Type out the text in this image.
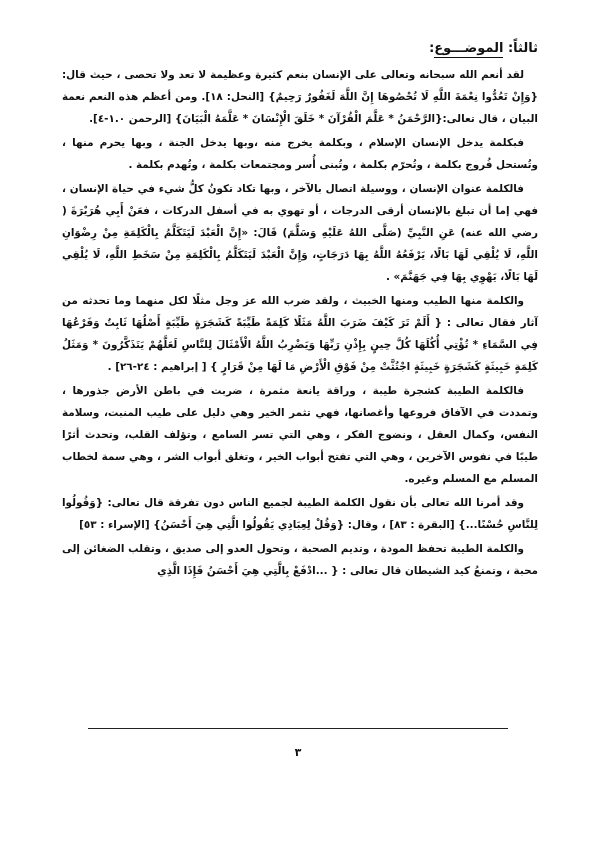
ثالثاً: الموضـــوع:

لقد أنعم الله سبحانه وتعالى على الإنسان بنعم كثيرة وعظيمة لا تعد ولا تحصى ، حيث قال:{وَإِنْ تَعُدُّوا نِعْمَةَ اللَّهِ لَا تُحْصُوهَا إِنَّ اللَّهَ لَغَفُورٌ رَحِيمٌ} [النحل: ١٨]. ومن أعظم هذه النعم نعمة البيان ، قال تعالى:{الرَّحْمَنُ * عَلَّمَ الْقُرْآنَ * خَلَقَ الْإِنْسَانَ * عَلَّمَهُ الْبَيَانَ} [الرحمن ١.٠-٤].

فبكلمة يدخل الإنسان الإسلام ، وبكلمة يخرج منه ،وبها يدخل الجنة ، وبها يحرم منها ، وتُستحل فُروج بكلمة ، وتُحرّم بكلمة ، وتُبنى أُسر ومجتمعات بكلمة ، وتُهدم بكلمة .

فالكلمة عنوان الإنسان ، ووسيلة اتصال بالآخر ، وبها تكاد تكونُ كلُّ شيء في حياة الإنسان ، فهي إما أن تبلغ بالإنسان أرقى الدرجات ، أو تهوي به في أسفل الدركات ، فعَنْ أَبِي هُرَيْرَةَ ( رضي الله عنه) عَنِ النَّبِيِّ (صَلَّى اللهُ عَلَيْهِ وَسَلَّمَ) قَالَ: «إِنَّ الْعَبْدَ لَيَتَكَلَّمُ بِالْكَلِمَةِ مِنْ رِضْوَانِ اللَّهِ، لَا يُلْقِي لَهَا بَالًا، يَرْفَعُهُ اللَّهُ بِهَا دَرَجَاتٍ، وَإِنَّ الْعَبْدَ لَيَتَكَلَّمُ بِالْكَلِمَةِ مِنْ سَخَطِ اللَّهِ، لَا يُلْقِي لَهَا بَالًا، يَهْوِي بِهَا فِي جَهَنَّمَ» .

والكلمة منها الطيب ومنها الخبيث ، ولقد ضرب الله عز وجل مثلًا لكل منهما وما تحدثه من آثار فقال تعالى : { أَلَمْ تَرَ كَيْفَ ضَرَبَ اللَّهُ مَثَلًا كَلِمَةً طَيِّبَةً كَشَجَرَةٍ طَيِّبَةٍ أَصْلُهَا ثَابِتٌ وَفَرْعُهَا فِي السَّمَاءِ * تُؤْتِي أُكُلَهَا كُلَّ حِينٍ بِإِذْنِ رَبِّهَا وَيَضْرِبُ اللَّهُ الْأَمْثَالَ لِلنَّاسِ لَعَلَّهُمْ يَتَذَكَّرُونَ * وَمَثَلُ كَلِمَةٍ خَبِيثَةٍ كَشَجَرَةٍ خَبِيثَةٍ اجْتُثَّتْ مِنْ فَوْقِ الْأَرْضِ مَا لَهَا مِنْ قَرَارٍ } [ إبراهيم : ٢٤-٢٦] .

فالكلمة الطيبة كشجرة طيبة ، وراقة يانعة مثمرة ، ضربت في باطن الأرض جذورها ، وتمددت في الآفاق فروعها وأغصانها، فهي تثمر الخير وهي دليل على طيب المنبت، وسلامة النفس، وكمال العقل ، ونضوج الفكر ، وهي التي تسر السامع ، وتؤلف القلب، وتحدث أثرًا طيبًا في نفوس الآخرين ، وهي التي تفتح أبواب الخير ، وتغلق أبواب الشر ، وهي سمة لخطاب المسلم مع المسلم وغيره.

وقد أمرنا الله تعالى بأن نقول الكلمة الطيبة لجميع الناس دون تفرقة قال تعالى: {وَقُولُوا لِلنَّاسِ حُسْنًا...} [البقرة : ٨٣] ، وقال: {وَقُلْ لِعِبَادِي يَقُولُوا الَّتِي هِيَ أَحْسَنُ} [الإسراء : ٥٣]

والكلمة الطيبة تحفظ المودة ، وتديم الصحبة ، وتحول العدو إلى صديق ، وتقلب الضغائن إلى محبة ، وتمنعُ كيد الشيطان قال تعالى : { ...ادْفَعْ بِالَّتِي هِيَ أَحْسَنُ فَإِذَا الَّذِي

٣
